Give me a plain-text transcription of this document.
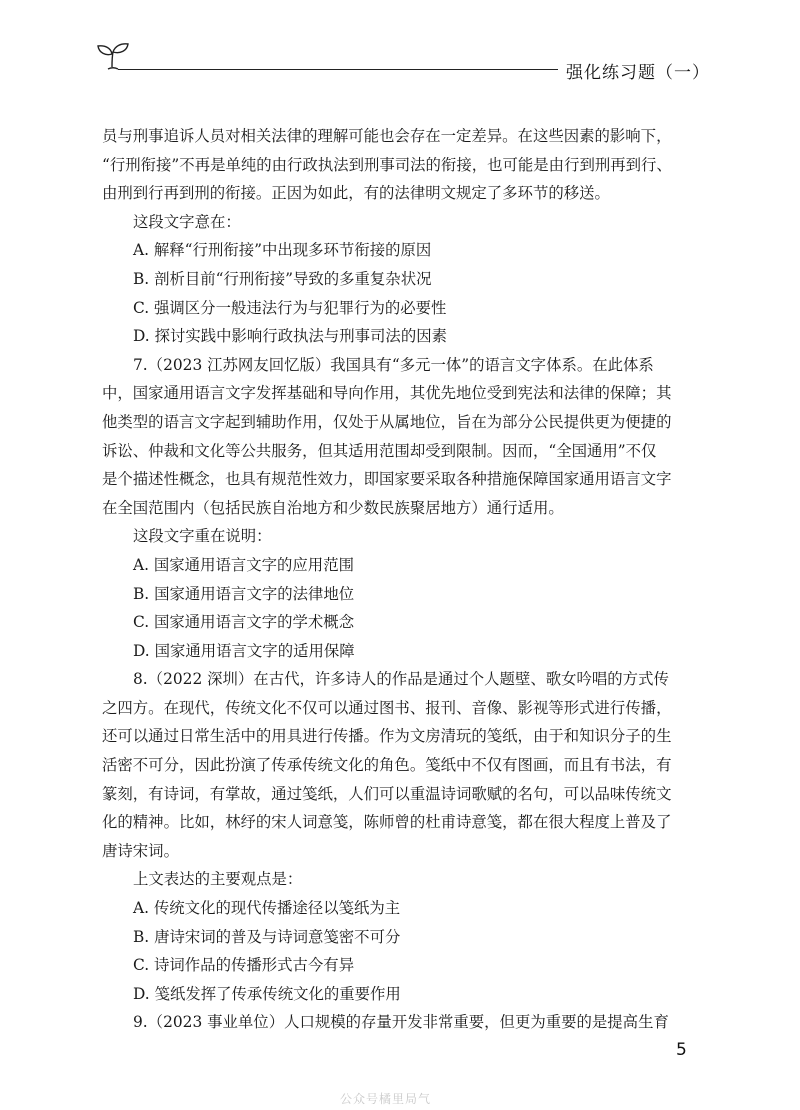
强化练习题（一）
员与刑事追诉人员对相关法律的理解可能也会存在一定差异。在这些因素的影响下，
“行刑衔接”不再是单纯的由行政执法到刑事司法的衔接，也可能是由行到刑再到行、
由刑到行再到刑的衔接。正因为如此，有的法律明文规定了多环节的移送。
这段文字意在：
A. 解释“行刑衔接”中出现多环节衔接的原因
B. 剖析目前“行刑衔接”导致的多重复杂状况
C. 强调区分一般违法行为与犯罪行为的必要性
D. 探讨实践中影响行政执法与刑事司法的因素
7.（2023 江苏网友回忆版）我国具有“多元一体”的语言文字体系。在此体系
中，国家通用语言文字发挥基础和导向作用，其优先地位受到宪法和法律的保障；其
他类型的语言文字起到辅助作用，仅处于从属地位，旨在为部分公民提供更为便捷的
诉讼、仲裁和文化等公共服务，但其适用范围却受到限制。因而，“全国通用”不仅
是个描述性概念，也具有规范性效力，即国家要采取各种措施保障国家通用语言文字
在全国范围内（包括民族自治地方和少数民族聚居地方）通行适用。
这段文字重在说明：
A. 国家通用语言文字的应用范围
B. 国家通用语言文字的法律地位
C. 国家通用语言文字的学术概念
D. 国家通用语言文字的适用保障
8.（2022 深圳）在古代，许多诗人的作品是通过个人题壁、歌女吟唱的方式传
之四方。在现代，传统文化不仅可以通过图书、报刊、音像、影视等形式进行传播，
还可以通过日常生活中的用具进行传播。作为文房清玩的笺纸，由于和知识分子的生
活密不可分，因此扮演了传承传统文化的角色。笺纸中不仅有图画，而且有书法，有
篆刻，有诗词，有掌故，通过笺纸，人们可以重温诗词歌赋的名句，可以品味传统文
化的精神。比如，林纾的宋人词意笺，陈师曾的杜甫诗意笺，都在很大程度上普及了
唐诗宋词。
上文表达的主要观点是：
A. 传统文化的现代传播途径以笺纸为主
B. 唐诗宋词的普及与诗词意笺密不可分
C. 诗词作品的传播形式古今有异
D. 笺纸发挥了传承传统文化的重要作用
9.（2023 事业单位）人口规模的存量开发非常重要，但更为重要的是提高生育
5
公众号橘里局气
